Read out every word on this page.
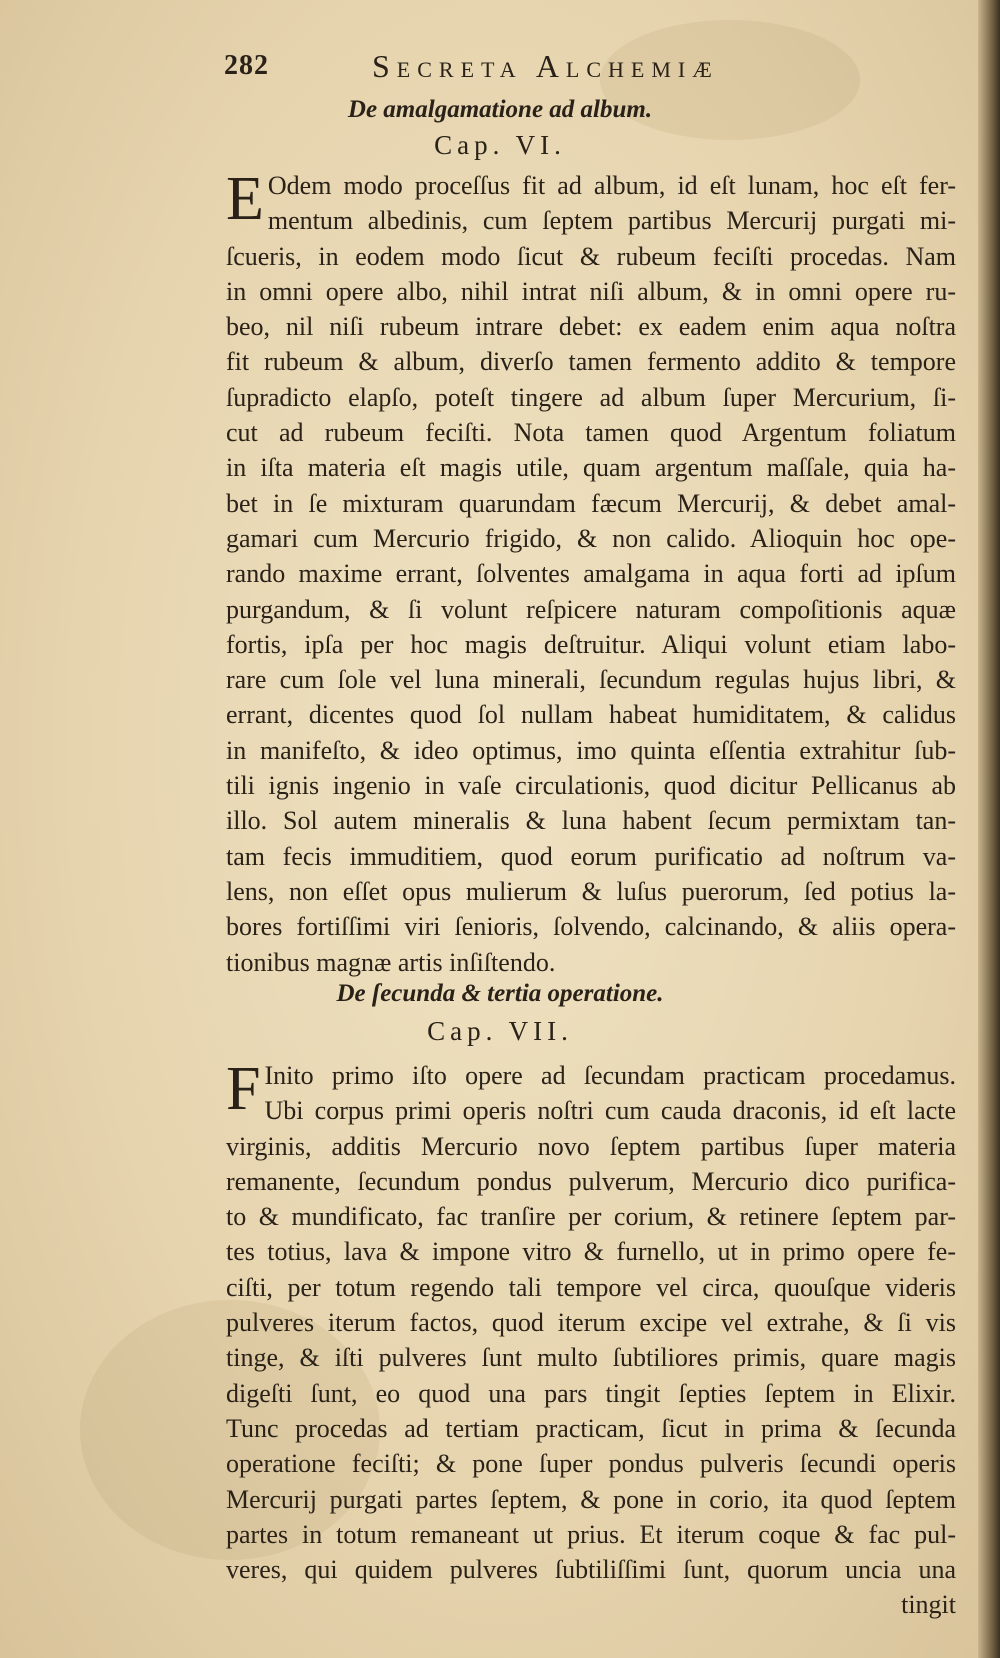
282	Secreta Alchemiæ
De amalgamatione ad album.
Cap. VI.
E Odem modo proceſſus fit ad album, id eſt lunam, hoc eſt fer-
mentum albedinis, cum ſeptem partibus Mercurij purgati mi-
ſcueris, in eodem modo ſicut & rubeum feciſti procedas. Nam
in omni opere albo, nihil intrat niſi album, & in omni opere ru-
beo, nil niſi rubeum intrare debet: ex eadem enim aqua noſtra
fit rubeum & album, diverſo tamen fermento addito & tempore
ſupradicto elapſo, poteſt tingere ad album ſuper Mercurium, ſi-
cut ad rubeum feciſti. Nota tamen quod Argentum foliatum
in iſta materia eſt magis utile, quam argentum maſſale, quia ha-
bet in ſe mixturam quarundam fæcum Mercurij, & debet amal-
gamari cum Mercurio frigido, & non calido. Alioquin hoc ope-
rando maxime errant, ſolventes amalgama in aqua forti ad ipſum
purgandum, & ſi volunt reſpicere naturam compoſitionis aquæ
fortis, ipſa per hoc magis deſtruitur. Aliqui volunt etiam labo-
rare cum ſole vel luna minerali, ſecundum regulas hujus libri, &
errant, dicentes quod ſol nullam habeat humiditatem, & calidus
in manifeſto, & ideo optimus, imo quinta eſſentia extrahitur ſub-
tili ignis ingenio in vaſe circulationis, quod dicitur Pellicanus ab
illo. Sol autem mineralis & luna habent ſecum permixtam tan-
tam fecis immuditiem, quod eorum purificatio ad noſtrum va-
lens, non eſſet opus mulierum & luſus puerorum, ſed potius la-
bores fortiſſimi viri ſenioris, ſolvendo, calcinando, & aliis opera-
tionibus magnæ artis inſiſtendo.
De ſecunda & tertia operatione.
Cap. VII.
F Inito primo iſto opere ad ſecundam practicam procedamus.
Ubi corpus primi operis noſtri cum cauda draconis, id eſt lacte
virginis, additis Mercurio novo ſeptem partibus ſuper materia
remanente, ſecundum pondus pulverum, Mercurio dico purifica-
to & mundificato, fac tranſire per corium, & retinere ſeptem par-
tes totius, lava & impone vitro & furnello, ut in primo opere fe-
ciſti, per totum regendo tali tempore vel circa, quouſque videris
pulveres iterum factos, quod iterum excipe vel extrahe, & ſi vis
tinge, & iſti pulveres ſunt multo ſubtiliores primis, quare magis
digeſti ſunt, eo quod una pars tingit ſepties ſeptem in Elixir.
Tunc procedas ad tertiam practicam, ſicut in prima & ſecunda
operatione feciſti; & pone ſuper pondus pulveris ſecundi operis
Mercurij purgati partes ſeptem, & pone in corio, ita quod ſeptem
partes in totum remaneant ut prius. Et iterum coque & fac pul-
veres, qui quidem pulveres ſubtiliſſimi ſunt, quorum uncia una
tingit
